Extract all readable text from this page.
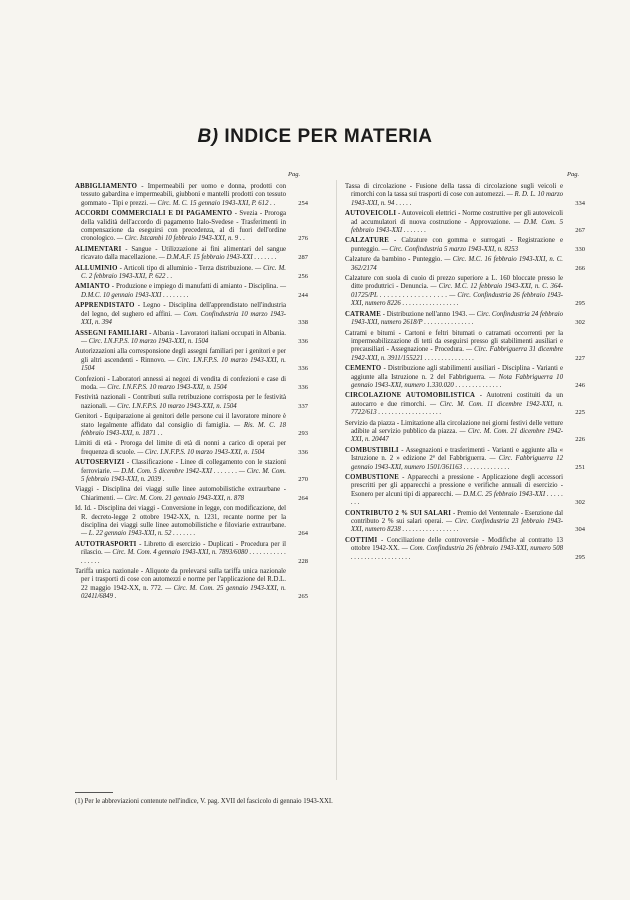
B) INDICE PER MATERIA
Pag.	Pag.
ABBIGLIAMENTO - Impermeabili per uomo e donna, prodotti con tessuto gabardina e impermeabili, giubboni e mantelli prodotti con tessuto gommato - Tipi e prezzi. — Circ. M. C. 15 gennaio 1943-XXI, P. 612 . .	254
ACCORDI COMMERCIALI E DI PAGAMENTO - Svezia - Proroga della validità dell'accordo di pagamento Italo-Svedese - Trasferimenti in compensazione da eseguirsi con precedenza, al di fuori dell'ordine cronologico. — Circ. Istcambi 10 febbraio 1943-XXI, n. 9 . .	276
ALIMENTARI - Sangue - Utilizzazione ai fini alimentari del sangue ricavato dalla macellazione. — D.M.A.F. 15 febbraio 1943-XXI . . . . . . .	287
ALLUMINIO - Articoli tipo di alluminio - Terza distribuzione. — Circ. M. C. 2 febbraio 1943-XXI, P. 622 . .	256
AMIANTO - Produzione e impiego di manufatti di amianto - Disciplina. — D.M.C. 10 gennaio 1943-XXI . . . . . . . .	244
APPRENDISTATO - Legno - Disciplina dell'apprendistato nell'industria del legno, del sughero ed affini. — Com. Confindustria 10 marzo 1943-XXI, n. 394	338
ASSEGNI FAMILIARI - Albania - Lavoratori italiani occupati in Albania. — Circ. I.N.F.P.S. 10 marzo 1943-XXI, n. 1504	336
Autorizzazioni alla corresponsione degli assegni familiari per i genitori e per gli altri ascendenti - Rinnovo. — Circ. I.N.F.P.S. 10 marzo 1943-XXI, n. 1504	336
Confezioni - Laboratori annessi ai negozi di vendita di confezioni e case di moda. — Circ. I.N.F.P.S. 10 marzo 1943-XXI, n. 1504	336
Festività nazionali - Contributi sulla retribuzione corrisposta per le festività nazionali. — Circ. I.N.F.P.S. 10 marzo 1943-XXI, n. 1504	337
Genitori - Equiparazione ai genitori delle persone cui il lavoratore minore è stato legalmente affidato dal consiglio di famiglia. — Ris. M. C. 18 febbraio 1943-XXI, n. 1871 . .	293
Limiti di età - Proroga del limite di età di nonni a carico di operai per frequenza di scuole. — Circ. I.N.F.P.S. 10 marzo 1943-XXI, n. 1504	336
AUTOSERVIZI - Classificazione - Linee di collegamento con le stazioni ferroviarie. — D.M. Com. 5 dicembre 1942-XXI . . . . . . . — Circ. M. Com. 5 febbraio 1943-XXI, n. 2039 .	270
Viaggi - Disciplina dei viaggi sulle linee automobilistiche extraurbane - Chiarimenti. — Circ. M. Com. 21 gennaio 1943-XXI, n. 878	264
Id. Id. - Disciplina dei viaggi - Conversione in legge, con modificazione, del R. decreto-legge 2 ottobre 1942-XX, n. 1231, recante norme per la disciplina dei viaggi sulle linee automobilistiche e filoviarie extraurbane. — L. 22 gennaio 1943-XXI, n. 52 . . . . . . .	264
AUTOTRASPORTI - Libretto di esercizio - Duplicati - Procedura per il rilascio. — Circ. M. Com. 4 gennaio 1943-XXI, n. 7893/6080 . . . . . . . . . . . . . . . . .	228
Tariffa unica nazionale - Aliquote da prelevarsi sulla tariffa unica nazionale per i trasporti di cose con automezzi e norme per l'applicazione del R.D.L. 22 maggio 1942-XX, n. 772. — Circ. M. Com. 25 gennaio 1943-XXI, n. 02411/6849 .	265
Tassa di circolazione - Fusione della tassa di circolazione sugli veicoli e rimorchi con la tassa sui trasporti di cose con automezzi. — R. D. L. 10 marzo 1943-XXI, n. 94 . . . . .	334
AUTOVEICOLI - Autoveicoli elettrici - Norme costruttive per gli autoveicoli ad accumulatori di nuova costruzione - Approvazione. — D.M. Com. 5 febbraio 1943-XXI . . . . . . .	267
CALZATURE - Calzature con gomma e surrogati - Registrazione e punteggio. — Circ. Confindustria 5 marzo 1943-XXI, n. 8253	330
Calzature da bambino - Punteggio. — Circ. M.C. 16 febbraio 1943-XXI, n. C. 362/2174	266
Calzature con suola di cuoio di prezzo superiore a L. 160 bloccate presso le ditte produttrici - Denuncia. — Circ. M.C. 12 febbraio 1943-XXI, n. C. 364-01725/PL . . . . . . . . . . . . . . . . . . — Circ. Confindustria 26 febbraio 1943-XXI, numero 8226 . . . . . . . . . . . . . . . . .	295
CATRAME - Distribuzione nell'anno 1943. — Circ. Confindustria 24 febbraio 1943-XXI, numero 2618/P . . . . . . . . . . . . . . .	302
Catrami e bitumi - Cartoni e feltri bitumati o catramati occorrenti per la impermeabilizzazione di tetti da eseguirsi presso gli stabilimenti ausiliari e precausiliari - Assegnazione - Procedura. — Circ. Fabbriguerra 31 dicembre 1942-XXI, n. 3911/155221 . . . . . . . . . . . . . . .	227
CEMENTO - Distribuzione agli stabilimenti ausiliari - Disciplina - Varianti e aggiunte alla Istruzione n. 2 del Fabbriguerra. — Nota Fabbriguerra 10 gennaio 1943-XXI, numero 1.330.020 . . . . . . . . . . . . . .	246
CIRCOLAZIONE AUTOMOBILISTICA - Autotreni costituiti da un autocarro e due rimorchi. — Circ. M. Com. 11 dicembre 1942-XXI, n. 7722/613 . . . . . . . . . . . . . . . . . . .	225
Servizio da piazza - Limitazione alla circolazione nei giorni festivi delle vetture adibite al servizio pubblico da piazza. — Circ. M. Com. 21 dicembre 1942-XXI, n. 20447	226
COMBUSTIBILI - Assegnazioni e trasferimenti - Varianti e aggiunte alla « Istruzione n. 2 » edizione 2ª del Fabbriguerra. — Circ. Fabbriguerra 12 gennaio 1943-XXI, numero 1501/361163 . . . . . . . . . . . . . .	251
COMBUSTIONE - Apparecchi a pressione - Applicazione degli accessori prescritti per gli apparecchi a pressione e verifiche annuali di esercizio - Esonero per alcuni tipi di apparecchi. — D.M.C. 25 febbraio 1943-XXI . . . . . . . .	302
CONTRIBUTO 2 % SUI SALARI - Premio del Ventennale - Esenzione dal contributo 2 % sui salari operai. — Circ. Confindustria 23 febbraio 1943-XXI, numero 8238 . . . . . . . . . . . . . . . . .	304
COTTIMI - Conciliazione delle controversie - Modifiche al contratto 13 ottobre 1942-XX. — Com. Confindustria 26 febbraio 1943-XXI, numero 508 . . . . . . . . . . . . . . . . . .	295
(1) Per le abbreviazioni contenute nell'indice, V. pag. XVII del fascicolo di gennaio 1943-XXI.
